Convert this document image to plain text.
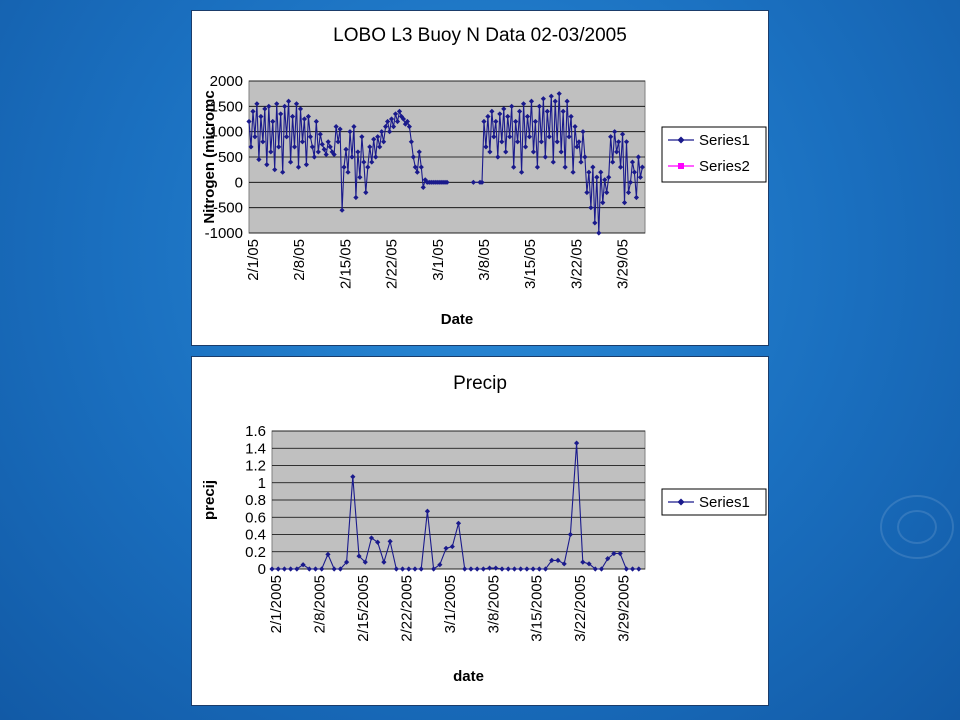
LOBO L3 Buoy N Data 02-03/2005
2000
1500
1000
500
0
-500
-1000
2/1/05 2/8/05 2/15/05 2/22/05 3/1/05 3/8/05 3/15/05 3/22/05 3/29/05
Date
Nitrogen (micromc	Series1
Series2
Precip
1.6
1.4
1.2
1
0.8
0.6
0.4
0.2
0
2/1/2005 2/8/2005 2/15/2005 2/22/2005 3/1/2005 3/8/2005 3/15/2005 3/22/2005 3/29/2005
date
precij	Series1
